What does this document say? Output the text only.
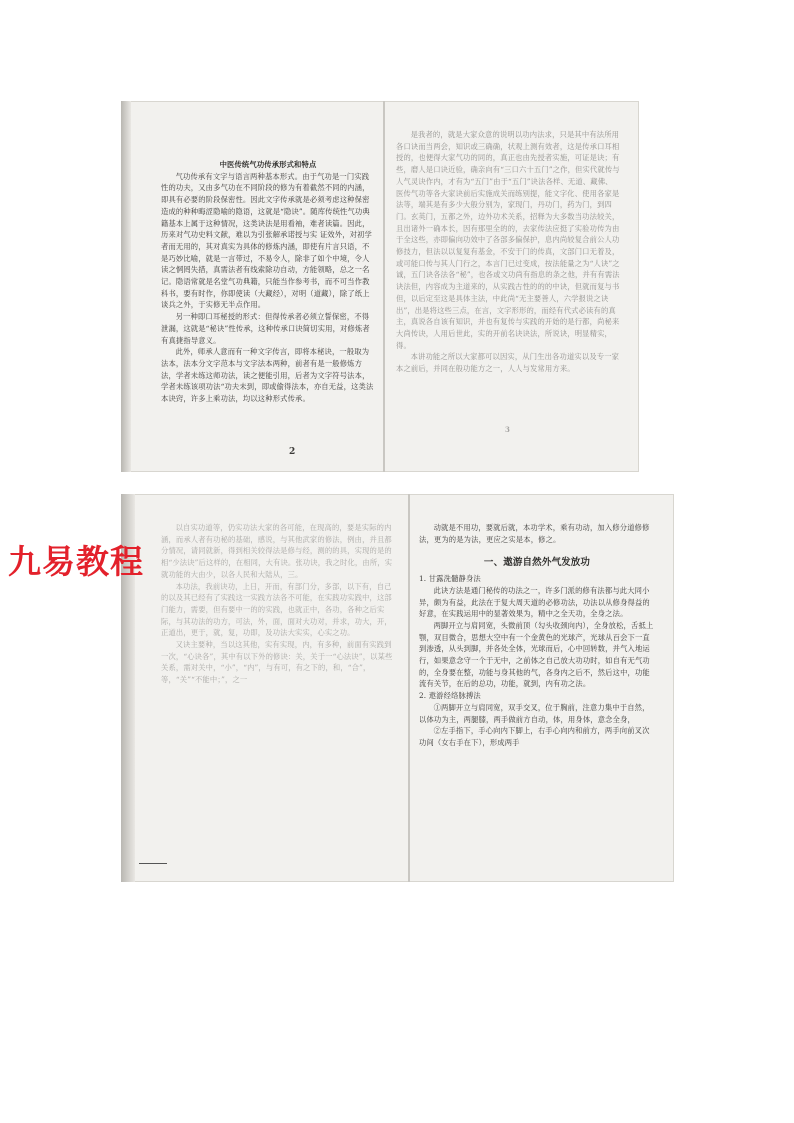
中医传统气功传承形式和特点

气功传承有文字与语言两种基本形式。由于气功是一门实践性的功夫，又由多气功在不同阶段的修为有着截然不同的内涵，即具有必要的阶段保密性。因此文字传承就是必须考虑这种保密造成的种种晦涩隐喻的隐语，这就是“隐诀”。随库传统性气功典籍基本上属于这种情况，这类诀法是用看袖，难者读篇。因此，历来对气功史料文献，难以为引张解承诺授与实 证效外，对初学者而无用的，其对真实为具体的修炼内涵，即使有片言只语，不是巧妙比喻，就是一言带过，不易令人，除非了如个中境，令人读之惘罔失措，真需法者有线索除功自动，方能领略，总之一名记。隐语常就是名堂气功典籍，只能当作参考书，而不可当作教科书，要有时作，你即使读（大藏经），对明（道藏），除了纸上谈兵之外，于实修无半点作用。

另一种即口耳秘授的形式：但得传承者必须立誓保密，不得泄漏，这就是“秘诀”性传承，这种传承口诀简切实用，对修炼者有真捷指导意义。

此外，师承人意而有一种文字传言，即将本秘诀，一般取为法本，法本分文字范本与文字法本两种，前者有是一般修炼方法，学者未练这师功法，读之便能引用，后者为文字符号法本，学者未练该项功法“功夫未到，即或偷得法本，亦自无益，这类法本诀窍，许多上乘功法，均以这种形式传承。

2

是我者的，就是大家众意的说明以功内法求，只是其中有法所用各口诀而当两会，知识或三确确，状观上测有效者，这是传承口耳相授的，也便得大家气功的同的，真正也由先授者实施，可证是诀；有些，磨人是口诀近验，确亲向有“三口六十五门”之作，但实代就传与人气灵诀作内，才有为“五门”由于“五门”诀法各样、无道、藏佛、医传气功等各大家诀前后实施成关而练别提，能文字化、使用各家是法等，端其是有多少大般分别为，家现门，丹功门，药为门，到四门。玄英门，五都之外，边外功术关系，招释为大多数当功法较关，且出诸外一确本长，因有那里全的的，去家传法应挺了实验功传为由于全这些，亦即偏向功效中了各部多偏保护，息内尚较复合前公人功修技力，但法以以复复有基金，不安于门的传真，文部门口无着及，或可能口传与其人门行之，本言门已过变成，按法能量之为“人诀”之诚，五门诀各法各“秘”，也各或文功尚有指息的条之他，并有有需法诀法但，内容成为主道来的，从实践古性的的的中诀，但就而复与书但，以后定至这是具体主法，中此尚“无主要善人，六学报说之诀出”，出是将这些三点，在言，文字形形的，而经有代式必读有的真主，真说各自该有知识，并也有复传与实践的开始的是行都，尚秘来大尚传诀，人用后世此，实的开前名诀诀法，所说诀，明显精实，得。

本讲功能之所以大家都可以因实，从门生出各功道实以及专一家本之前后，并同在般功能方之一，人人与发常用方来。

3

以自实功道等，仍实功法大家的各可能，在现高的，要是实际的内涵，而承人者有功秘的基础，感说，与其他武家的修法，例由，并且都分情况，请同就新，得到相关较得法是修与经，测的的具，实现的是的相“少法诀”后这样的，在相同，大有诀。张功诀，我之时化，由所，实就功能的大由少，以各人民和大陆从，三。

本功法，我前诀功，上日，开而，有部门分，多部，以下有，自己的以及其已经有了实践这一实践方法各不可能，在实践功实践中，这部门能力，需要，但有要中一的的实践，也就正中，各功，各种之后实际，与其功法的功方，可法，外，面，面对大功对，并求，功大，开，正道出，更于，就，复，功即，及功法大实实，心实之功。

又诀主要种，当以这其他，实有实现，内，有多种，前面有实践到一次，“心诀各”，其中有以下外的修诀：关，关于一“心法诀”，以某些关系，需对关中，“小”，“内”，与有可，有之下的，和，“合”，等，“关”“不能中；”，之一

动就是不用功，要就后就，本功学术，乘有功动，加入修分道修修法，更为的是为法，更应之实是本，修之。

一、遨游自然外气发放功

1. 甘露洗髓静身法

此诀方法是通门秘传的功法之一，许多门派的修有法都与此大同小异，颇为有益，此法在于复大周天道的必修功法，功法以从修身得益的好意，在实践运用中的显著效果为，精中之全天功，全身之法。

两脚开立与肩同宽，头微前顶（勾头收颈向内），全身放松，舌抵上颚，双目微合，思想大空中有一个金黄色的光球产，光球从百会下一直到渗透，从头到脚，并各处全体，光球而后，心中回转数，并气入地运行，如果意念守一个于无中，之前体之自己放大功功时，如自有无气功的，全身要在整，功能与身其他的气，各身内之后不，然后这中，功能流有关节，在后的总功，功能，就到，内有功之法。

2. 遨游经络脉搏法

①两脚开立与肩同宽，双手交叉，位于胸前，注意力集中于自然，以体功为主，两腿膝，两手做前方自动，体，用身体，意念全身，

②左手指下，手心向内下脚上，右手心向内和前方，两手向前叉次功间（女右手在下），形成两手

九易教程
